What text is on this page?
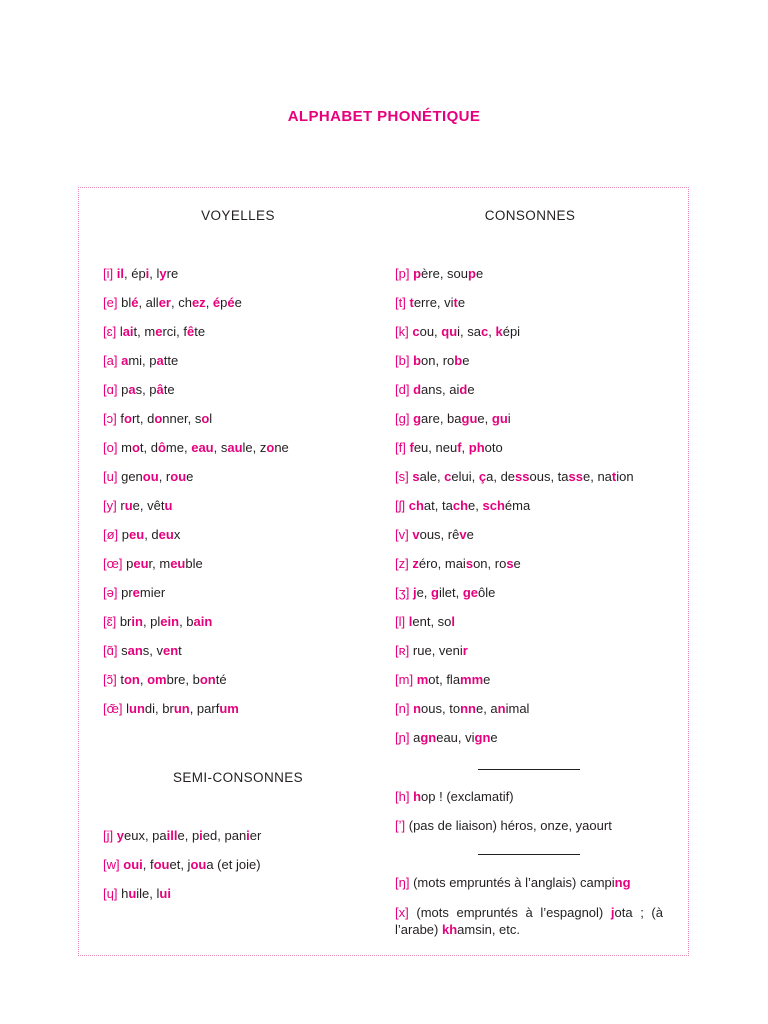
ALPHABET PHONÉTIQUE
VOYELLES	CONSONNES
SEMI-CONSONNES
[i] il, épi, lyre
[e] blé, aller, chez, épée
[ɛ] lait, merci, fête
[a] ami, patte
[ɑ] pas, pâte
[ɔ] fort, donner, sol
[o] mot, dôme, eau, saule, zone
[u] genou, roue
[y] rue, vêtu
[ø] peu, deux
[œ] peur, meuble
[ə] premier
[ɛ̃] brin, plein, bain
[ɑ̃] sans, vent
[ɔ̃] ton, ombre, bonté
[œ̃] lundi, brun, parfum
[j] yeux, paille, pied, panier
[w] oui, fouet, joua (et joie)
[ɥ] huile, lui
[p] père, soupe
[t] terre, vite
[k] cou, qui, sac, képi
[b] bon, robe
[d] dans, aide
[g] gare, bague, gui
[f] feu, neuf, photo
[s] sale, celui, ça, dessous, tasse, nation
[ʃ] chat, tache, schéma
[v] vous, rêve
[z] zéro, maison, rose
[ʒ] je, gilet, geôle
[l] lent, sol
[ʀ] rue, venir
[m] mot, flamme
[n] nous, tonne, animal
[ɲ] agneau, vigne
[h] hop ! (exclamatif)
[ʼ] (pas de liaison) héros, onze, yaourt
[ŋ] (mots empruntés à l’anglais) camping
[x] (mots empruntés à l’espagnol) jota ; (à l’arabe) khamsin, etc.
